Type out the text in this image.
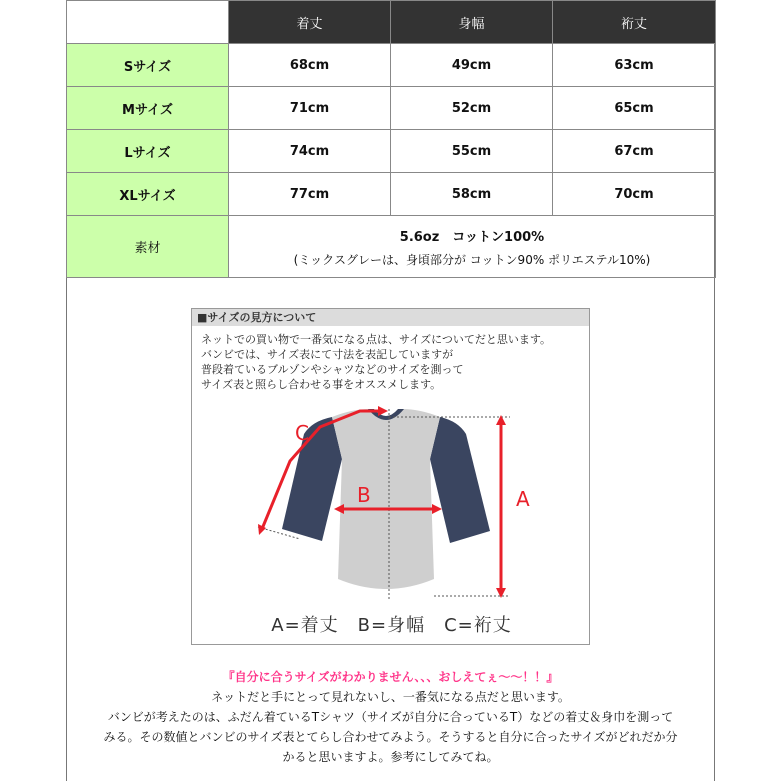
	着丈	身幅	裄丈
Sサイズ	68cm	49cm	63cm
Mサイズ	71cm	52cm	65cm
Lサイズ	74cm	55cm	67cm
XLサイズ	77cm	58cm	70cm
素材	5.6oz　コットン100%
(ミックスグレーは、身頃部分が コットン90% ポリエステル10%)		
■サイズの見方について
ネットでの買い物で一番気になる点は、サイズについてだと思います。
バンビでは、サイズ表にて寸法を表記していますが
普段着ているブルゾンやシャツなどのサイズを測って
サイズ表と照らし合わせる事をオススメします。
A
B
C
A=着丈　B=身幅　C=裄丈
『自分に合うサイズがわかりません、、、おしえてぇ〜〜！！』
ネットだと手にとって見れないし、一番気になる点だと思います。
バンビが考えたのは、ふだん着ているTシャツ（サイズが自分に合っているT）などの着丈＆身巾を測って
みる。その数値とバンビのサイズ表とてらし合わせてみよう。そうすると自分に合ったサイズがどれだか分
かると思いますよ。参考にしてみてね。
